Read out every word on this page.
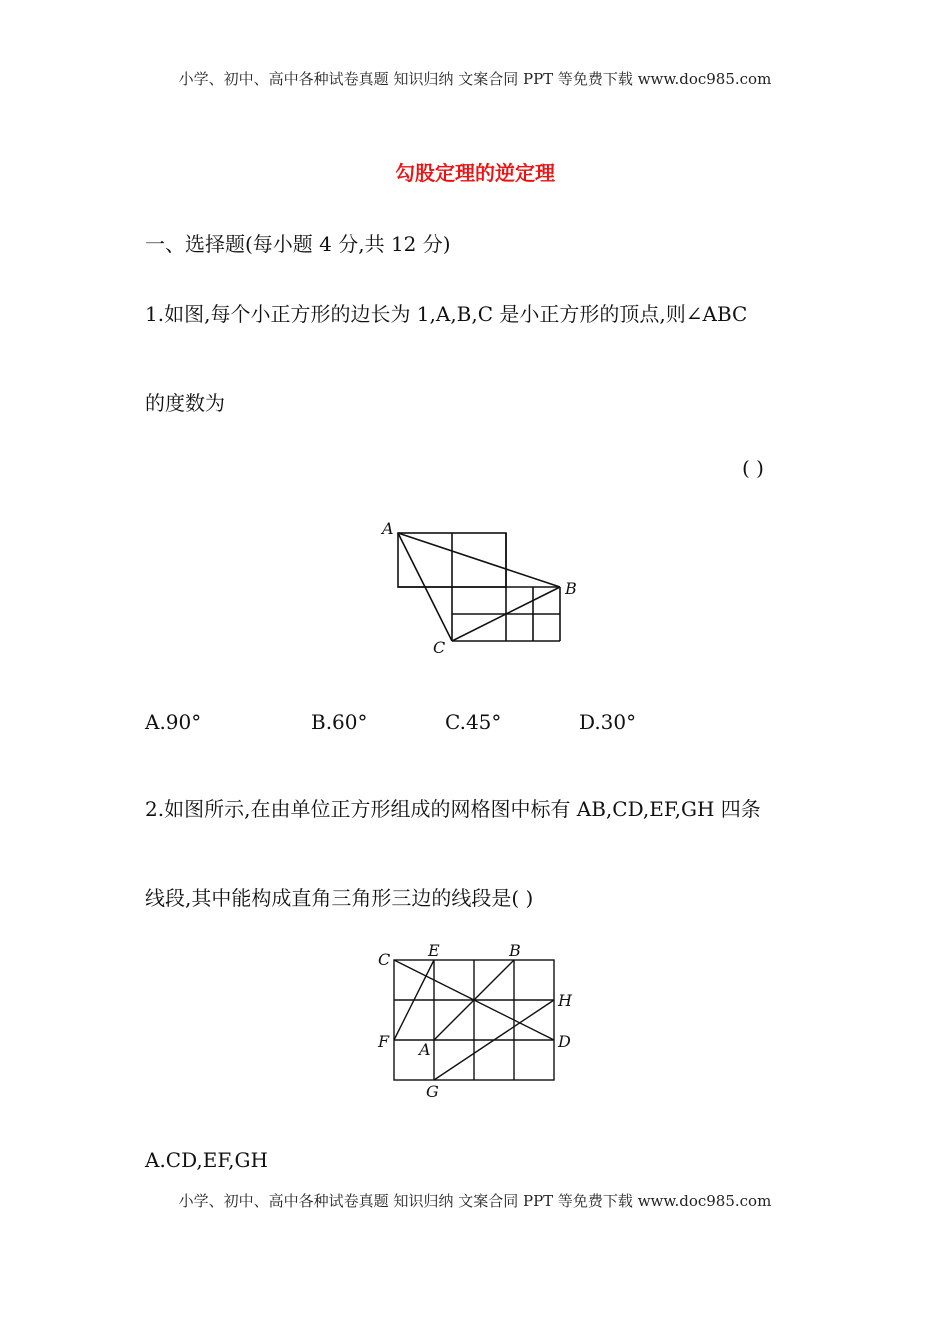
小学、初中、高中各种试卷真题 知识归纳 文案合同 PPT 等免费下载 www.doc985.com
勾股定理的逆定理
一、选择题(每小题 4 分,共 12 分)
1.如图,每个小正方形的边长为 1,A,B,C 是小正方形的顶点,则∠ABC
的度数为
( )
A
B
C
A.90°	B.60°	C.45°	D.30°
2.如图所示,在由单位正方形组成的网格图中标有 AB,CD,EF,GH 四条
线段,其中能构成直角三角形三边的线段是( )
C E	B
H
F A	D
G
A.CD,EF,GH
小学、初中、高中各种试卷真题 知识归纳 文案合同 PPT 等免费下载 www.doc985.com
